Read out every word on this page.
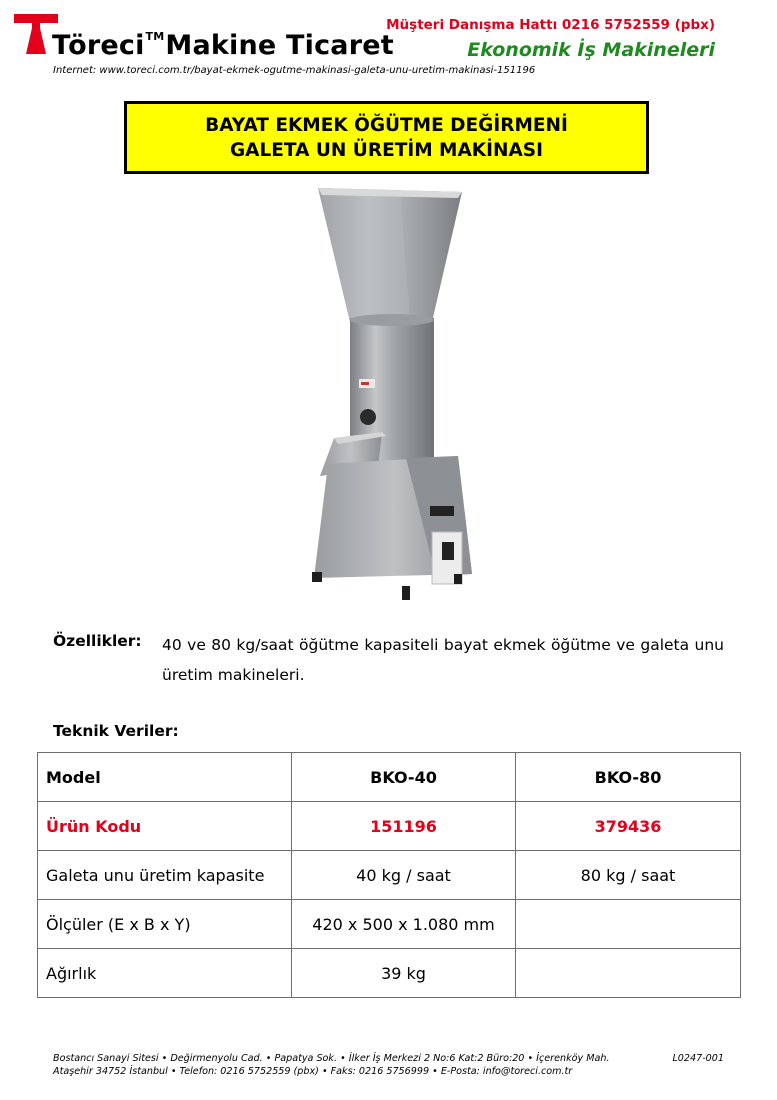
Töreci™Makine Ticaret
Müşteri Danışma Hattı 0216 5752559 (pbx)
Ekonomik İş Makineleri
Internet: www.toreci.com.tr/bayat-ekmek-ogutme-makinasi-galeta-unu-uretim-makinasi-151196
BAYAT EKMEK ÖĞÜTME DEĞİRMENİ
GALETA UN ÜRETİM MAKİNASI
Özellikler: 40 ve 80 kg/saat öğütme kapasiteli bayat ekmek öğütme ve galeta unu üretim makineleri.
Teknik Veriler:
Model	BKO-40	BKO-80
Ürün Kodu	151196	379436
Galeta unu üretim kapasite	40 kg / saat	80 kg / saat
Ölçüler (E x B x Y)	420 x 500 x 1.080 mm	
Ağırlık	39 kg	
Bostancı Sanayi Sitesi • Değirmenyolu Cad. • Papatya Sok. • İlker İş Merkezi 2 No:6 Kat:2 Büro:20 • İçerenköy Mah.
Ataşehir 34752 İstanbul • Telefon: 0216 5752559 (pbx) • Faks: 0216 5756999 • E-Posta: info@toreci.com.tr
L0247-001
